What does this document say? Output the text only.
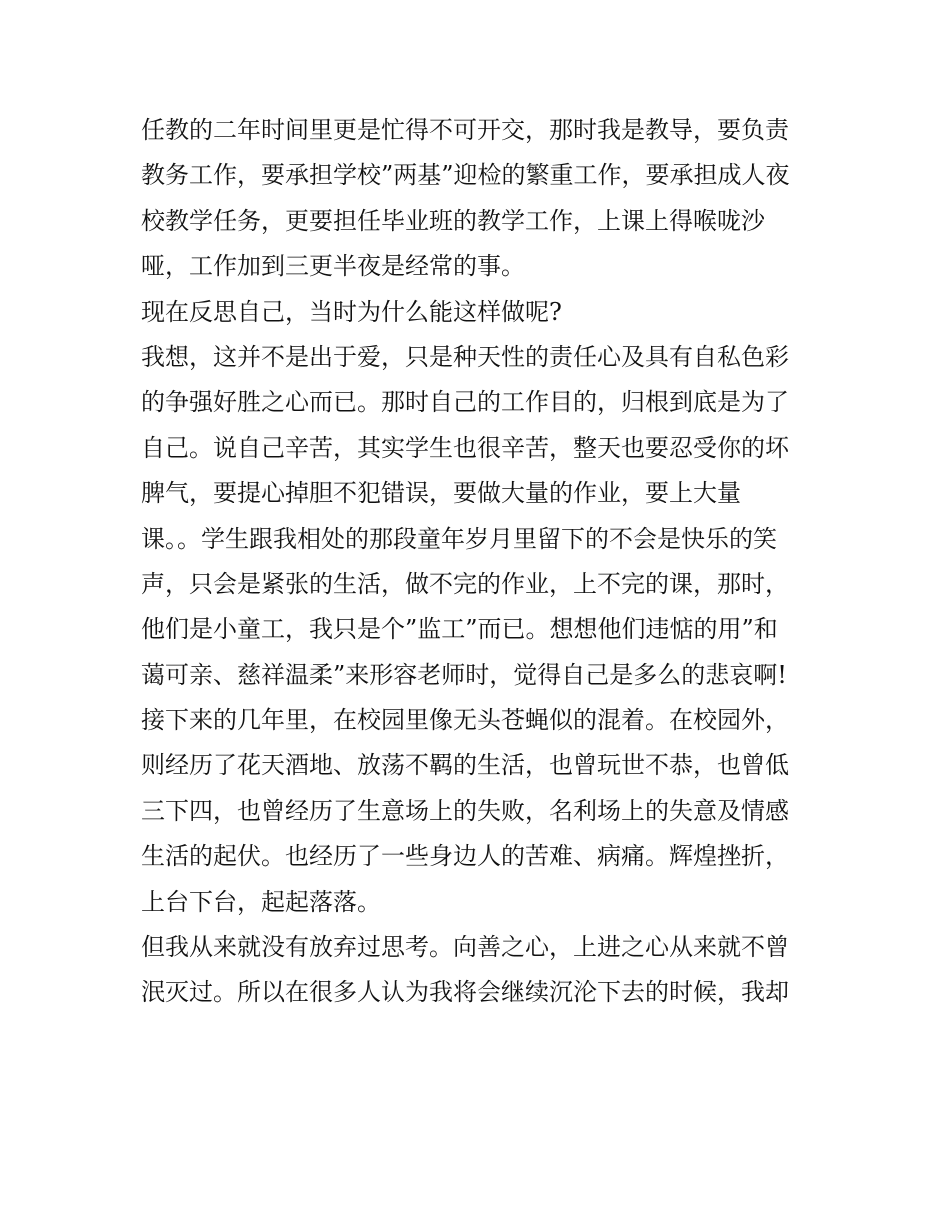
任教的二年时间里更是忙得不可开交，那时我是教导，要负责
教务工作，要承担学校”两基”迎检的繁重工作，要承担成人夜
校教学任务，更要担任毕业班的教学工作，上课上得喉咙沙
哑，工作加到三更半夜是经常的事。
现在反思自己，当时为什么能这样做呢?
我想，这并不是出于爱，只是种天性的责任心及具有自私色彩
的争强好胜之心而已。那时自己的工作目的，归根到底是为了
自己。说自己辛苦，其实学生也很辛苦，整天也要忍受你的坏
脾气，要提心掉胆不犯错误，要做大量的作业，要上大量
课。。学生跟我相处的那段童年岁月里留下的不会是快乐的笑
声，只会是紧张的生活，做不完的作业，上不完的课，那时，
他们是小童工，我只是个”监工”而已。想想他们违惦的用”和
蔼可亲、慈祥温柔”来形容老师时，觉得自己是多么的悲哀啊!
接下来的几年里，在校园里像无头苍蝇似的混着。在校园外，
则经历了花天酒地、放荡不羁的生活，也曾玩世不恭，也曾低
三下四，也曾经历了生意场上的失败，名利场上的失意及情感
生活的起伏。也经历了一些身边人的苦难、病痛。辉煌挫折，
上台下台，起起落落。
但我从来就没有放弃过思考。向善之心，上进之心从来就不曾
泯灭过。所以在很多人认为我将会继续沉沦下去的时候，我却
